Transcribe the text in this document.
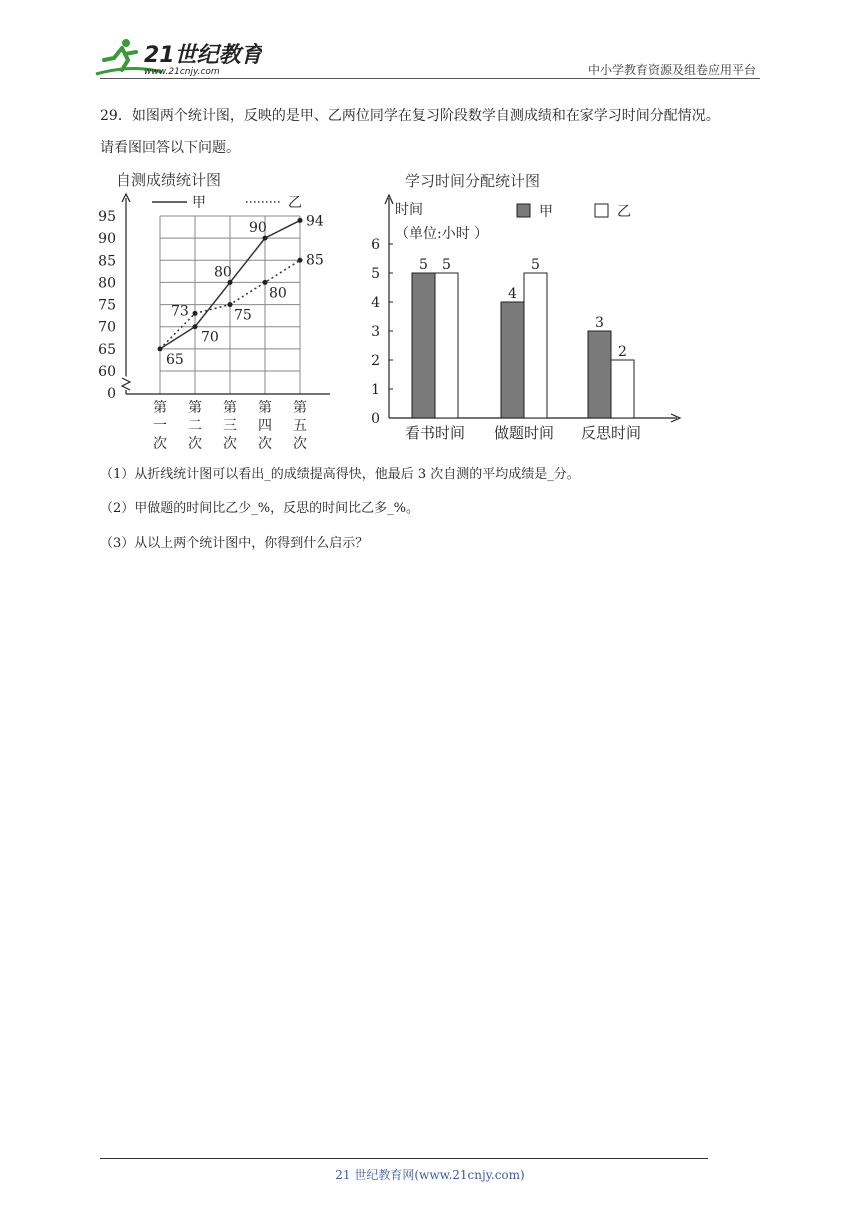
21世纪教育
www.21cnjy.com	中小学教育资源及组卷应用平台
29．如图两个统计图，反映的是甲、乙两位同学在复习阶段数学自测成绩和在家学习时间分配情况。
请看图回答以下问题。
自测成绩统计图
0
60
65
70
75
80
85
90
95
第
一
次
第
二
次
第
三
次
第
四
次
第
五
次
甲	乙
65
70
80
90	94
73	75
80
85
学习时间分配统计图
时间
（单位:小时 ）
0
1
2
3
4
5
6
甲	乙
5 5
看书时间
4
5
做题时间
3
2
反思时间
（1）从折线统计图可以看出_的成绩提高得快，他最后 3 次自测的平均成绩是_分。
（2）甲做题的时间比乙少_%，反思的时间比乙多_%。
（3）从以上两个统计图中，你得到什么启示？
21 世纪教育网(www.21cnjy.com)
